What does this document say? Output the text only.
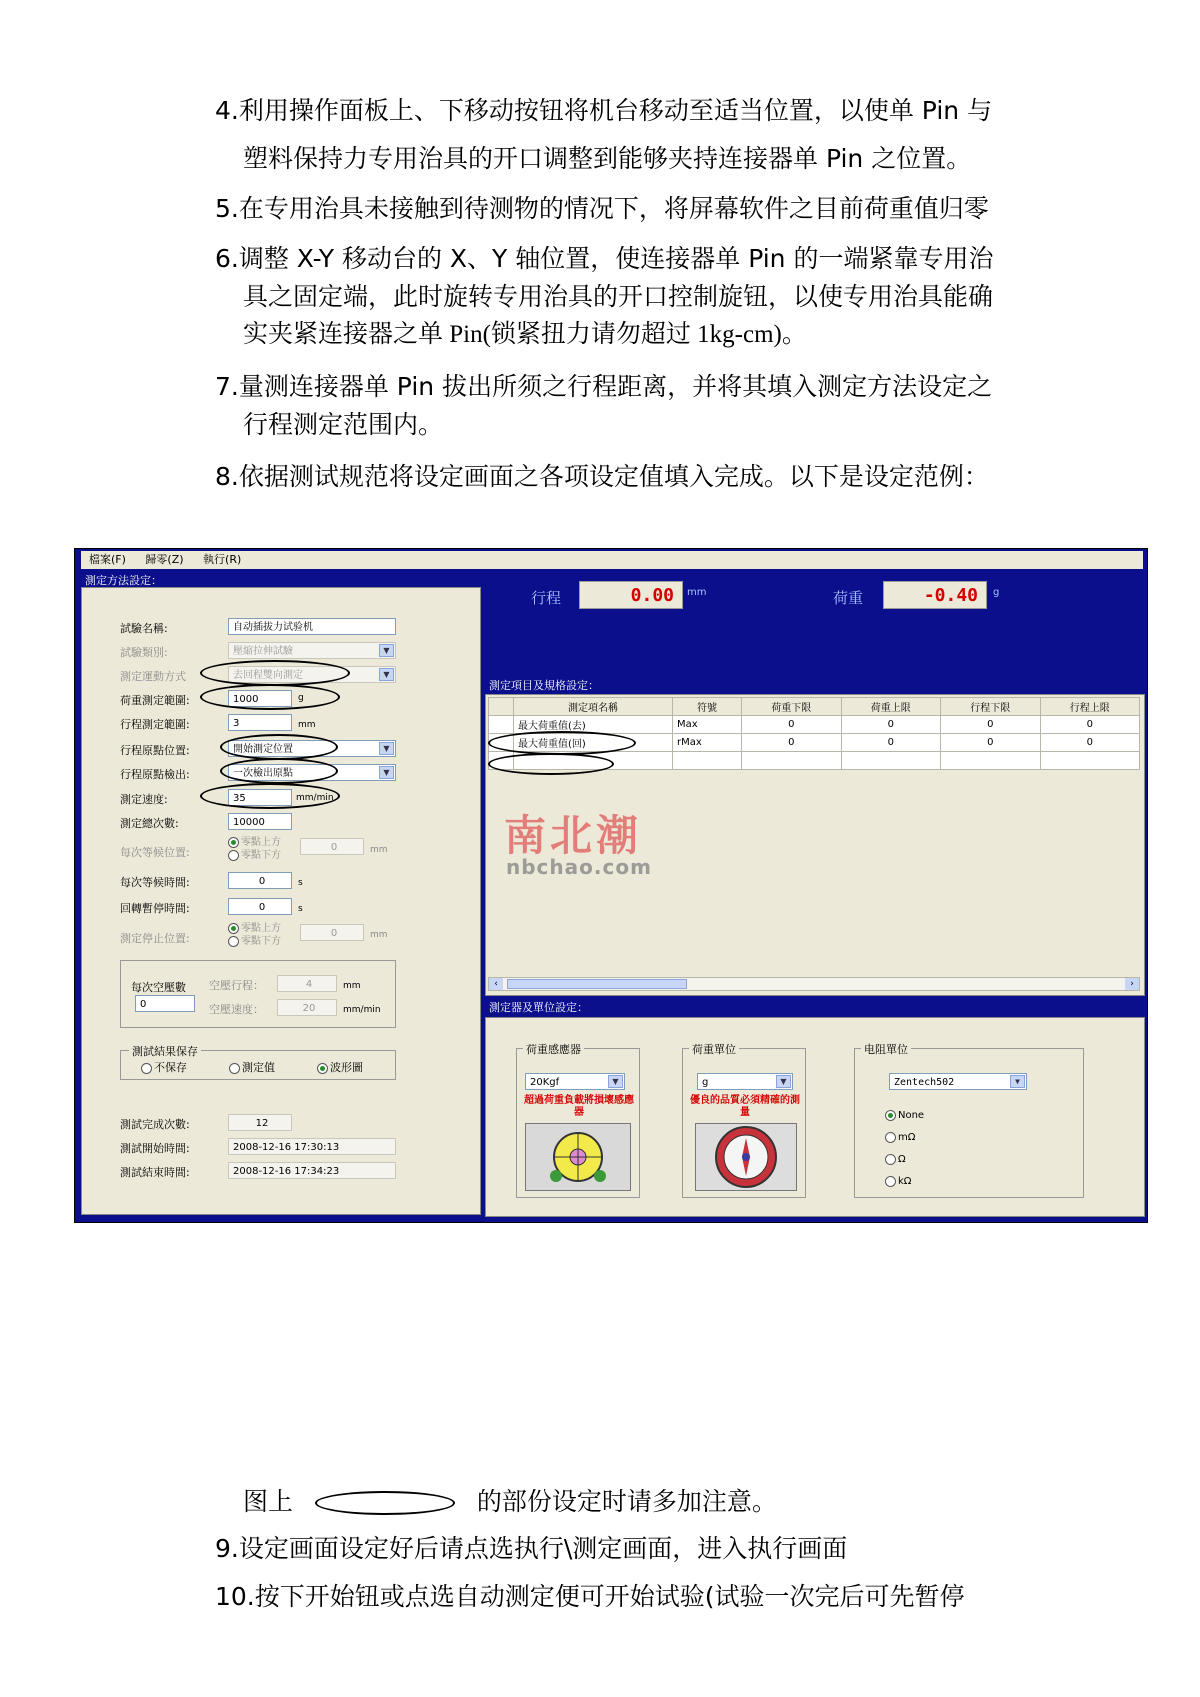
4.利用操作面板上、下移动按钮将机台移动至适当位置，以使单 Pin 与
塑料保持力专用治具的开口调整到能够夹持连接器单 Pin 之位置。
5.在专用治具未接触到待测物的情况下，将屏幕软件之目前荷重值归零
6.调整 X-Y 移动台的 X、Y 轴位置，使连接器单 Pin 的一端紧靠专用治
具之固定端，此时旋转专用治具的开口控制旋钮，以使专用治具能确
实夹紧连接器之单 Pin(锁紧扭力请勿超过 1kg-cm)。
7.量测连接器单 Pin 拔出所须之行程距离，并将其填入测定方法设定之
行程测定范围内。
8.依据测试规范将设定画面之各项设定值填入完成。以下是设定范例：
檔案(F) 歸零(Z) 執行(R)
測定方法設定：
試驗名稱:	自动插拔力试验机
試驗類別:	壓縮拉伸試驗	▼
測定運動方式	去回程雙向測定	▼
荷重測定範圍:	1000	g
行程測定範圍:	3	mm
行程原點位置:	開始測定位置	▼
行程原點檢出:	一次檢出原點	▼
測定速度:	35	mm/min
測定總次數:	10000
每次等候位置:
零點上方
零點下方
0	mm
每次等候時間:	0	s
回轉暫停時間:	0	s
測定停止位置:
零點上方
零點下方
0	mm
每次空壓數
0
空壓行程：	4	mm
空壓速度：	20	mm/min
測試結果保存
不保存	測定值	波形圖
測試完成次數:	12
測試開始時間:	2008-12-16 17:30:13
測試結束時間:	2008-12-16 17:34:23
行程	0.00	mm	荷重	-0.40	g
測定項目及規格設定：
	測定項名稱	符號	荷重下限	荷重上限	行程下限	行程上限
	最大荷重值(去)	Max	0	0	0	0
	最大荷重值(回)	rMax	0	0	0	0

南北潮
nbchao.com
‹	›
測定器及單位設定：
荷重感應器
20Kgf	▼
超過荷重負載將損壞感應器
荷重單位
g	▼
優良的品質必須精確的測量
电阻單位
Zentech502	▼
None
mΩ
Ω
kΩ
图上	的部份设定时请多加注意。
9.设定画面设定好后请点选执行\测定画面，进入执行画面
10.按下开始钮或点选自动测定便可开始试验(试验一次完后可先暂停
